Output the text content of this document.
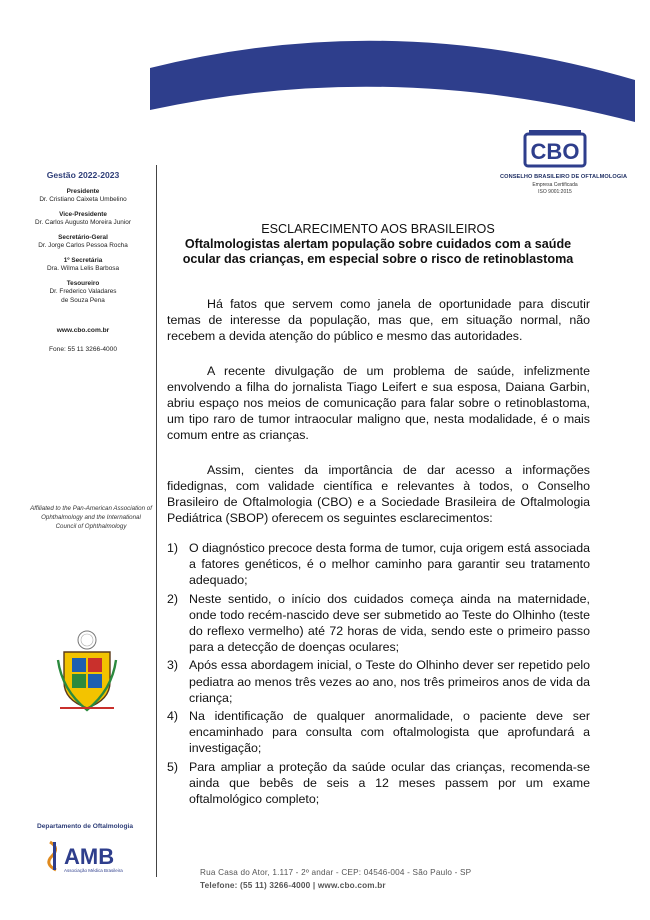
CBO
CONSELHO BRASILEIRO DE OFTALMOLOGIA
Empresa Certificada
ISO 9001:2015
Gestão 2022-2023
Presidente
Dr. Cristiano Caixeta Umbelino
Vice-Presidente
Dr. Carlos Augusto Moreira Junior
Secretário-Geral
Dr. Jorge Carlos Pessoa Rocha
1º Secretária
Dra. Wilma Lelis Barbosa
Tesoureiro
Dr. Frederico Valadares
de Souza Pena
www.cbo.com.br
Fone: 55 11 3266-4000
Affiliated to the Pan-American Association of Ophthalmology and the International Council of Ophthalmology
Departamento de Oftalmologia
AMB
Associação Médica Brasileira
ESCLARECIMENTO AOS BRASILEIROS
Oftalmologistas alertam população sobre cuidados com a saúde ocular das crianças, em especial sobre o risco de retinoblastoma

Há fatos que servem como janela de oportunidade para discutir temas de interesse da população, mas que, em situação normal, não recebem a devida atenção do público e mesmo das autoridades.

A recente divulgação de um problema de saúde, infelizmente envolvendo a filha do jornalista Tiago Leifert e sua esposa, Daiana Garbin, abriu espaço nos meios de comunicação para falar sobre o retinoblastoma, um tipo raro de tumor intraocular maligno que, nesta modalidade, é o mais comum entre as crianças.

Assim, cientes da importância de dar acesso a informações fidedignas, com validade científica e relevantes à todos, o Conselho Brasileiro de Oftalmologia (CBO) e a Sociedade Brasileira de Oftalmologia Pediátrica (SBOP) oferecem os seguintes esclarecimentos:

1) O diagnóstico precoce desta forma de tumor, cuja origem está associada a fatores genéticos, é o melhor caminho para garantir seu tratamento adequado;
2) Neste sentido, o início dos cuidados começa ainda na maternidade, onde todo recém-nascido deve ser submetido ao Teste do Olhinho (teste do reflexo vermelho) até 72 horas de vida, sendo este o primeiro passo para a detecção de doenças oculares;
3) Após essa abordagem inicial, o Teste do Olhinho dever ser repetido pelo pediatra ao menos três vezes ao ano, nos três primeiros anos de vida da criança;
4) Na identificação de qualquer anormalidade, o paciente deve ser encaminhado para consulta com oftalmologista que aprofundará a investigação;
5) Para ampliar a proteção da saúde ocular das crianças, recomenda-se ainda que bebês de seis a 12 meses passem por um exame oftalmológico completo;
Rua Casa do Ator, 1.117 - 2º andar - CEP: 04546-004 - São Paulo - SP
Telefone: (55 11) 3266-4000 | www.cbo.com.br
